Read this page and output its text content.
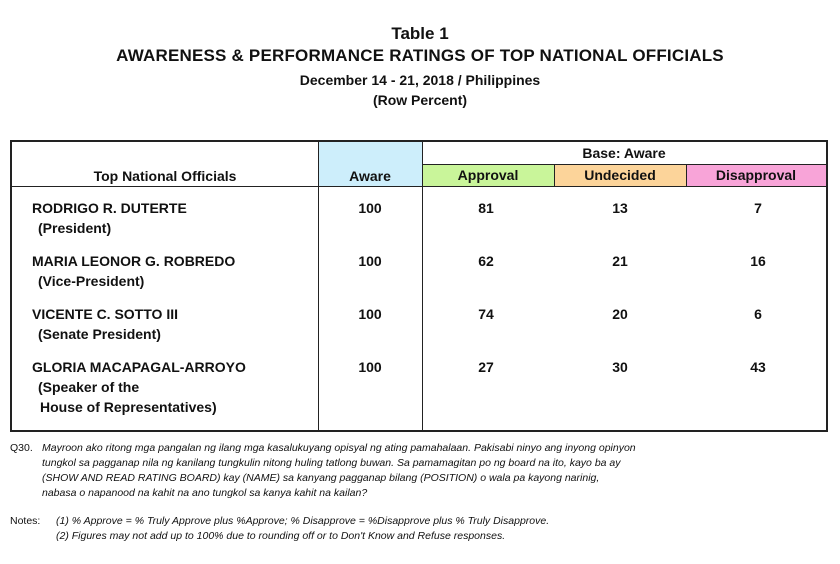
Table 1
AWARENESS & PERFORMANCE RATINGS OF TOP NATIONAL OFFICIALS
December 14 - 21, 2018 / Philippines
(Row Percent)
Top National Officials	Aware
Base: Aware
Approval	Undecided	Disapproval
RODRIGO R. DUTERTE
(President)
100	81	13	7
MARIA LEONOR G. ROBREDO
(Vice-President)
100	62	21	16
VICENTE C. SOTTO III
(Senate President)
100	74	20	6
GLORIA MACAPAGAL-ARROYO
(Speaker of the
House of Representatives)
100	27	30	43
Q30. Mayroon ako ritong mga pangalan ng ilang mga kasalukuyang opisyal ng ating pamahalaan. Pakisabi ninyo ang inyong opinyon
tungkol sa pagganap nila ng kanilang tungkulin nitong huling tatlong buwan. Sa pamamagitan po ng board na ito, kayo ba ay
(SHOW AND READ RATING BOARD) kay (NAME) sa kanyang pagganap bilang (POSITION) o wala pa kayong narinig,
nabasa o napanood na kahit na ano tungkol sa kanya kahit na kailan?
Notes: (1) % Approve = % Truly Approve plus %Approve; % Disapprove = %Disapprove plus % Truly Disapprove.
(2) Figures may not add up to 100% due to rounding off or to Don't Know and Refuse responses.
